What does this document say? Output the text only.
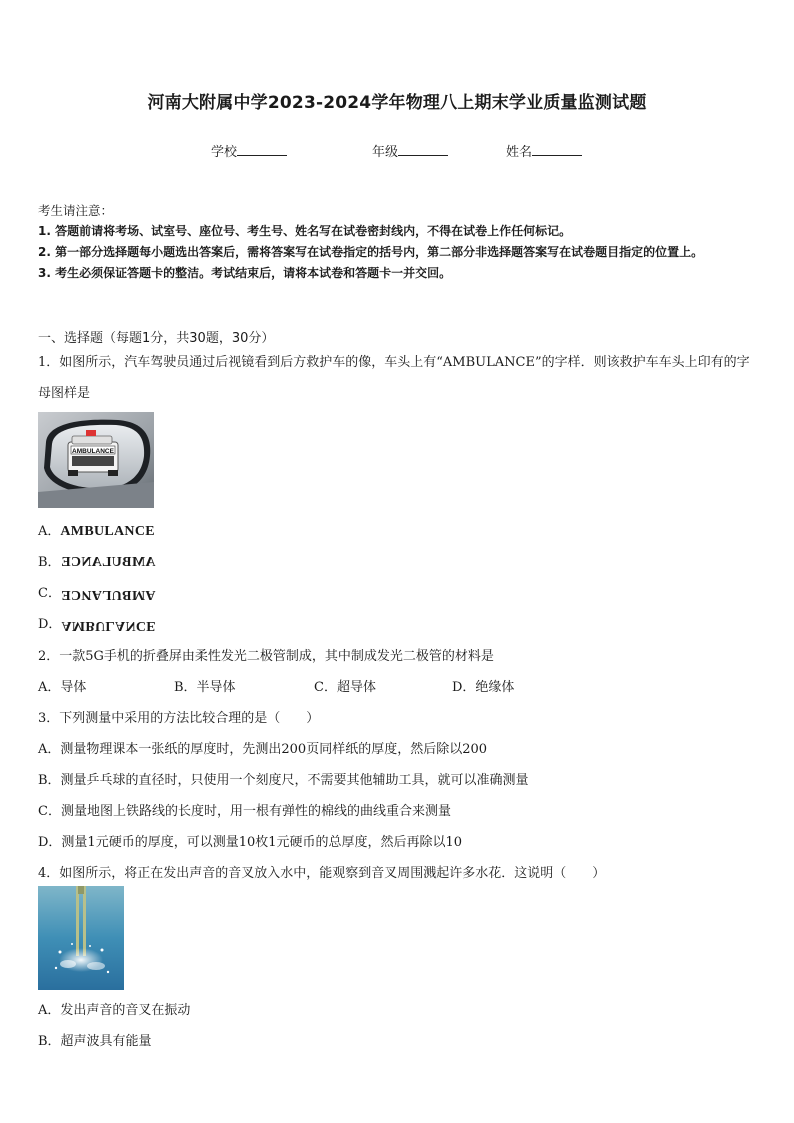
河南大附属中学2023-2024学年物理八上期末学业质量监测试题
学校	年级	姓名

考生请注意：

1. 答题前请将考场、试室号、座位号、考生号、姓名写在试卷密封线内，不得在试卷上作任何标记。

2. 第一部分选择题每小题选出答案后，需将答案写在试卷指定的括号内，第二部分非选择题答案写在试卷题目指定的位置上。

3. 考生必须保证答题卡的整洁。考试结束后，请将本试卷和答题卡一并交回。

一、选择题（每题1分，共30题，30分）
1．如图所示，汽车驾驶员通过后视镜看到后方救护车的像，车头上有“AMBULANCE”的字样．则该救护车车头上印有的字母图样是
AMBULANCE
A．AMBULANCE
B．AMBULANCE
C．AMBULANCE
D．AMBULANCE
2．一款5G手机的折叠屏由柔性发光二极管制成，其中制成发光二极管的材料是
A．导体	B．半导体	C．超导体	D．绝缘体
3．下列测量中采用的方法比较合理的是（　　）
A．测量物理课本一张纸的厚度时，先测出200页同样纸的厚度，然后除以200
B．测量乒乓球的直径时，只使用一个刻度尺，不需要其他辅助工具，就可以准确测量
C．测量地图上铁路线的长度时，用一根有弹性的棉线的曲线重合来测量
D．测量1元硬币的厚度，可以测量10枚1元硬币的总厚度，然后再除以10
4．如图所示，将正在发出声音的音叉放入水中，能观察到音叉周围溅起许多水花．这说明（　　）
A．发出声音的音叉在振动
B．超声波具有能量
